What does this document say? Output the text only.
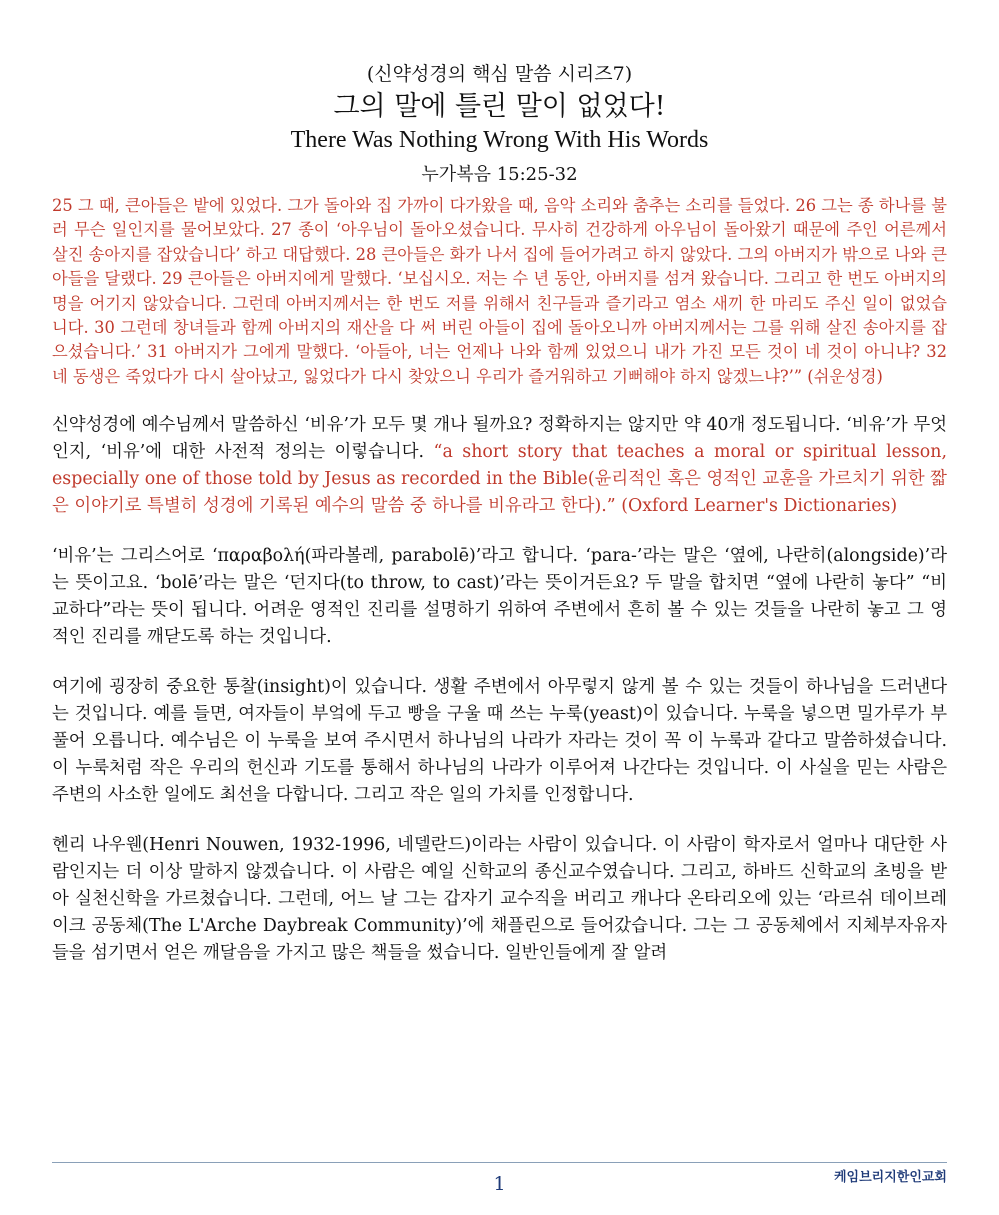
(신약성경의 핵심 말씀 시리즈7)
그의 말에 틀린 말이 없었다!
There Was Nothing Wrong With His Words
누가복음 15:25-32

25 그 때, 큰아들은 밭에 있었다. 그가 돌아와 집 가까이 다가왔을 때, 음악 소리와 춤추는 소리를 들었다. 26 그는 종 하나를 불러 무슨 일인지를 물어보았다. 27 종이 ‘아우님이 돌아오셨습니다. 무사히 건강하게 아우님이 돌아왔기 때문에 주인 어른께서 살진 송아지를 잡았습니다’ 하고 대답했다. 28 큰아들은 화가 나서 집에 들어가려고 하지 않았다. 그의 아버지가 밖으로 나와 큰아들을 달랬다. 29 큰아들은 아버지에게 말했다. ‘보십시오. 저는 수 년 동안, 아버지를 섬겨 왔습니다. 그리고 한 번도 아버지의 명을 어기지 않았습니다. 그런데 아버지께서는 한 번도 저를 위해서 친구들과 즐기라고 염소 새끼 한 마리도 주신 일이 없었습니다. 30 그런데 창녀들과 함께 아버지의 재산을 다 써 버린 아들이 집에 돌아오니까 아버지께서는 그를 위해 살진 송아지를 잡으셨습니다.’ 31 아버지가 그에게 말했다. ‘아들아, 너는 언제나 나와 함께 있었으니 내가 가진 모든 것이 네 것이 아니냐? 32 네 동생은 죽었다가 다시 살아났고, 잃었다가 다시 찾았으니 우리가 즐거워하고 기뻐해야 하지 않겠느냐?’” (쉬운성경)

신약성경에 예수님께서 말씀하신 ‘비유’가 모두 몇 개나 될까요? 정확하지는 않지만 약 40개 정도됩니다. ‘비유’가 무엇인지, ‘비유’에 대한 사전적 정의는 이렇습니다. “a short story that teaches a moral or spiritual lesson, especially one of those told by Jesus as recorded in the Bible(윤리적인 혹은 영적인 교훈을 가르치기 위한 짧은 이야기로 특별히 성경에 기록된 예수의 말씀 중 하나를 비유라고 한다).” (Oxford Learner's Dictionaries)

‘비유’는 그리스어로 ‘παραβολή(파라볼레, parabolē)’라고 합니다. ‘para-’라는 말은 ‘옆에, 나란히(alongside)’라는 뜻이고요. ‘bolē’라는 말은 ‘던지다(to throw, to cast)’라는 뜻이거든요? 두 말을 합치면 “옆에 나란히 놓다” “비교하다”라는 뜻이 됩니다. 어려운 영적인 진리를 설명하기 위하여 주변에서 흔히 볼 수 있는 것들을 나란히 놓고 그 영적인 진리를 깨닫도록 하는 것입니다.

여기에 굉장히 중요한 통찰(insight)이 있습니다. 생활 주변에서 아무렇지 않게 볼 수 있는 것들이 하나님을 드러낸다는 것입니다. 예를 들면, 여자들이 부엌에 두고 빵을 구울 때 쓰는 누룩(yeast)이 있습니다. 누룩을 넣으면 밀가루가 부풀어 오릅니다. 예수님은 이 누룩을 보여 주시면서 하나님의 나라가 자라는 것이 꼭 이 누룩과 같다고 말씀하셨습니다. 이 누룩처럼 작은 우리의 헌신과 기도를 통해서 하나님의 나라가 이루어져 나간다는 것입니다. 이 사실을 믿는 사람은 주변의 사소한 일에도 최선을 다합니다. 그리고 작은 일의 가치를 인정합니다.

헨리 나우웬(Henri Nouwen, 1932-1996, 네델란드)이라는 사람이 있습니다. 이 사람이 학자로서 얼마나 대단한 사람인지는 더 이상 말하지 않겠습니다. 이 사람은 예일 신학교의 종신교수였습니다. 그리고, 하바드 신학교의 초빙을 받아 실천신학을 가르쳤습니다. 그런데, 어느 날 그는 갑자기 교수직을 버리고 캐나다 온타리오에 있는 ‘라르쉬 데이브레이크 공동체(The L'Arche Daybreak Community)’에 채플린으로 들어갔습니다. 그는 그 공동체에서 지체부자유자들을 섬기면서 얻은 깨달음을 가지고 많은 책들을 썼습니다. 일반인들에게 잘 알려

1	케임브리지한인교회
